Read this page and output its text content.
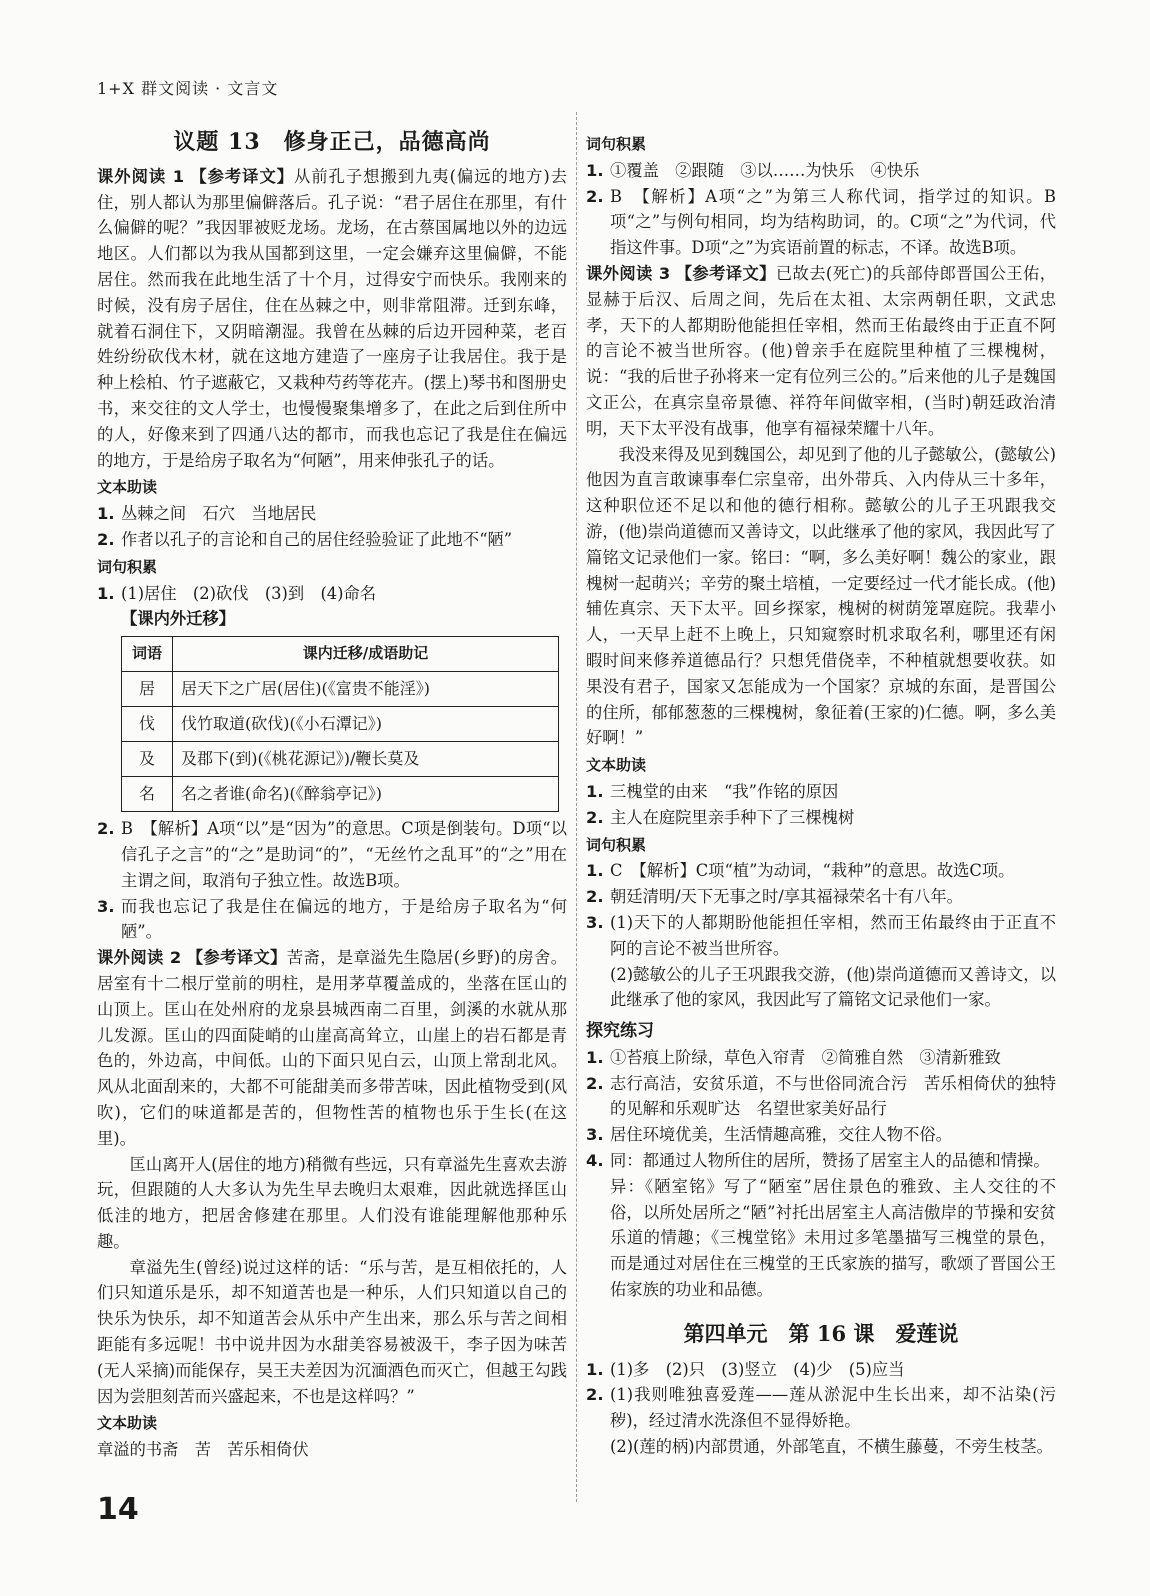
1+X 群文阅读 · 文言文
议题 13　修身正己，品德高尚

课外阅读 1 【参考译文】从前孔子想搬到九夷(偏远的地方)去住，别人都认为那里偏僻落后。孔子说：“君子居住在那里，有什么偏僻的呢？”我因罪被贬龙场。龙场，在古蔡国属地以外的边远地区。人们都以为我从国都到这里，一定会嫌弃这里偏僻，不能居住。然而我在此地生活了十个月，过得安宁而快乐。我刚来的时候，没有房子居住，住在丛棘之中，则非常阻滞。迁到东峰，就着石洞住下，又阴暗潮湿。我曾在丛棘的后边开园种菜，老百姓纷纷砍伐木材，就在这地方建造了一座房子让我居住。我于是种上桧柏、竹子遮蔽它，又栽种芍药等花卉。(摆上)琴书和图册史书，来交往的文人学士，也慢慢聚集增多了，在此之后到住所中的人，好像来到了四通八达的都市，而我也忘记了我是住在偏远的地方，于是给房子取名为“何陋”，用来伸张孔子的话。

文本助读
1. 丛棘之间　石穴　当地居民
2. 作者以孔子的言论和自己的居住经验验证了此地不“陋”
词句积累
1. (1)居住　(2)砍伐　(3)到　(4)命名
【课内外迁移】
词语	课内迁移/成语助记
居	居天下之广居(居住)(《富贵不能淫》)
伐	伐竹取道(砍伐)(《小石潭记》)
及	及郡下(到)(《桃花源记》)/鞭长莫及
名	名之者谁(命名)(《醉翁亭记》)
2. B　【解析】A项“以”是“因为”的意思。C项是倒装句。D项“以信孔子之言”的“之”是助词“的”，“无丝竹之乱耳”的“之”用在主谓之间，取消句子独立性。故选B项。
3. 而我也忘记了我是住在偏远的地方，于是给房子取名为“何陋”。

课外阅读 2 【参考译文】苦斋，是章溢先生隐居(乡野)的房舍。居室有十二根厅堂前的明柱，是用茅草覆盖成的，坐落在匡山的山顶上。匡山在处州府的龙泉县城西南二百里，剑溪的水就从那儿发源。匡山的四面陡峭的山崖高高耸立，山崖上的岩石都是青色的，外边高，中间低。山的下面只见白云，山顶上常刮北风。风从北面刮来的，大都不可能甜美而多带苦味，因此植物受到(风吹)，它们的味道都是苦的，但物性苦的植物也乐于生长(在这里)。

匡山离开人(居住的地方)稍微有些远，只有章溢先生喜欢去游玩，但跟随的人大多认为先生早去晚归太艰难，因此就选择匡山低洼的地方，把居舍修建在那里。人们没有谁能理解他那种乐趣。

章溢先生(曾经)说过这样的话：“乐与苦，是互相依托的，人们只知道乐是乐，却不知道苦也是一种乐，人们只知道以自己的快乐为快乐，却不知道苦会从乐中产生出来，那么乐与苦之间相距能有多远呢！书中说井因为水甜美容易被汲干，李子因为味苦(无人采摘)而能保存，吴王夫差因为沉湎酒色而灭亡，但越王勾践因为尝胆刻苦而兴盛起来，不也是这样吗？”

文本助读

章溢的书斋　苦　苦乐相倚伏

词句积累
1. ①覆盖　②跟随　③以……为快乐　④快乐
2. B　【解析】A项“之”为第三人称代词，指学过的知识。B项“之”与例句相同，均为结构助词，的。C项“之”为代词，代指这件事。D项“之”为宾语前置的标志，不译。故选B项。

课外阅读 3 【参考译文】已故去(死亡)的兵部侍郎晋国公王佑，显赫于后汉、后周之间，先后在太祖、太宗两朝任职，文武忠孝，天下的人都期盼他能担任宰相，然而王佑最终由于正直不阿的言论不被当世所容。(他)曾亲手在庭院里种植了三棵槐树，说：“我的后世子孙将来一定有位列三公的。”后来他的儿子是魏国文正公，在真宗皇帝景德、祥符年间做宰相，(当时)朝廷政治清明，天下太平没有战事，他享有福禄荣耀十八年。

我没来得及见到魏国公，却见到了他的儿子懿敏公，(懿敏公)他因为直言敢谏事奉仁宗皇帝，出外带兵、入内侍从三十多年，这种职位还不足以和他的德行相称。懿敏公的儿子王巩跟我交游，(他)崇尚道德而又善诗文，以此继承了他的家风，我因此写了篇铭文记录他们一家。铭曰：“啊，多么美好啊！魏公的家业，跟槐树一起萌兴；辛劳的聚土培植，一定要经过一代才能长成。(他)辅佐真宗、天下太平。回乡探家，槐树的树荫笼罩庭院。我辈小人，一天早上赶不上晚上，只知窥察时机求取名利，哪里还有闲暇时间来修养道德品行？只想凭借侥幸，不种植就想要收获。如果没有君子，国家又怎能成为一个国家？京城的东面，是晋国公的住所，郁郁葱葱的三棵槐树，象征着(王家的)仁德。啊，多么美好啊！”

文本助读
1. 三槐堂的由来　“我”作铭的原因
2. 主人在庭院里亲手种下了三棵槐树
词句积累
1. C　【解析】C项“植”为动词，“栽种”的意思。故选C项。
2. 朝廷清明/天下无事之时/享其福禄荣名十有八年。
3. (1)天下的人都期盼他能担任宰相，然而王佑最终由于正直不阿的言论不被当世所容。
(2)懿敏公的儿子王巩跟我交游，(他)崇尚道德而又善诗文，以此继承了他的家风，我因此写了篇铭文记录他们一家。
探究练习
1. ①苔痕上阶绿，草色入帘青　②简雅自然　③清新雅致
2. 志行高洁，安贫乐道，不与世俗同流合污　苦乐相倚伏的独特的见解和乐观旷达　名望世家美好品行
3. 居住环境优美，生活情趣高雅，交往人物不俗。
4. 同：都通过人物所住的居所，赞扬了居室主人的品德和情操。
异：《陋室铭》写了“陋室”居住景色的雅致、主人交往的不俗，以所处居所之“陋”衬托出居室主人高洁傲岸的节操和安贫乐道的情趣；《三槐堂铭》未用过多笔墨描写三槐堂的景色，而是通过对居住在三槐堂的王氏家族的描写，歌颂了晋国公王佑家族的功业和品德。
第四单元　第 16 课　爱莲说
1. (1)多　(2)只　(3)竖立　(4)少　(5)应当
2. (1)我则唯独喜爱莲——莲从淤泥中生长出来，却不沾染(污秽)，经过清水洗涤但不显得娇艳。
(2)(莲的柄)内部贯通，外部笔直，不横生藤蔓，不旁生枝茎。
14
